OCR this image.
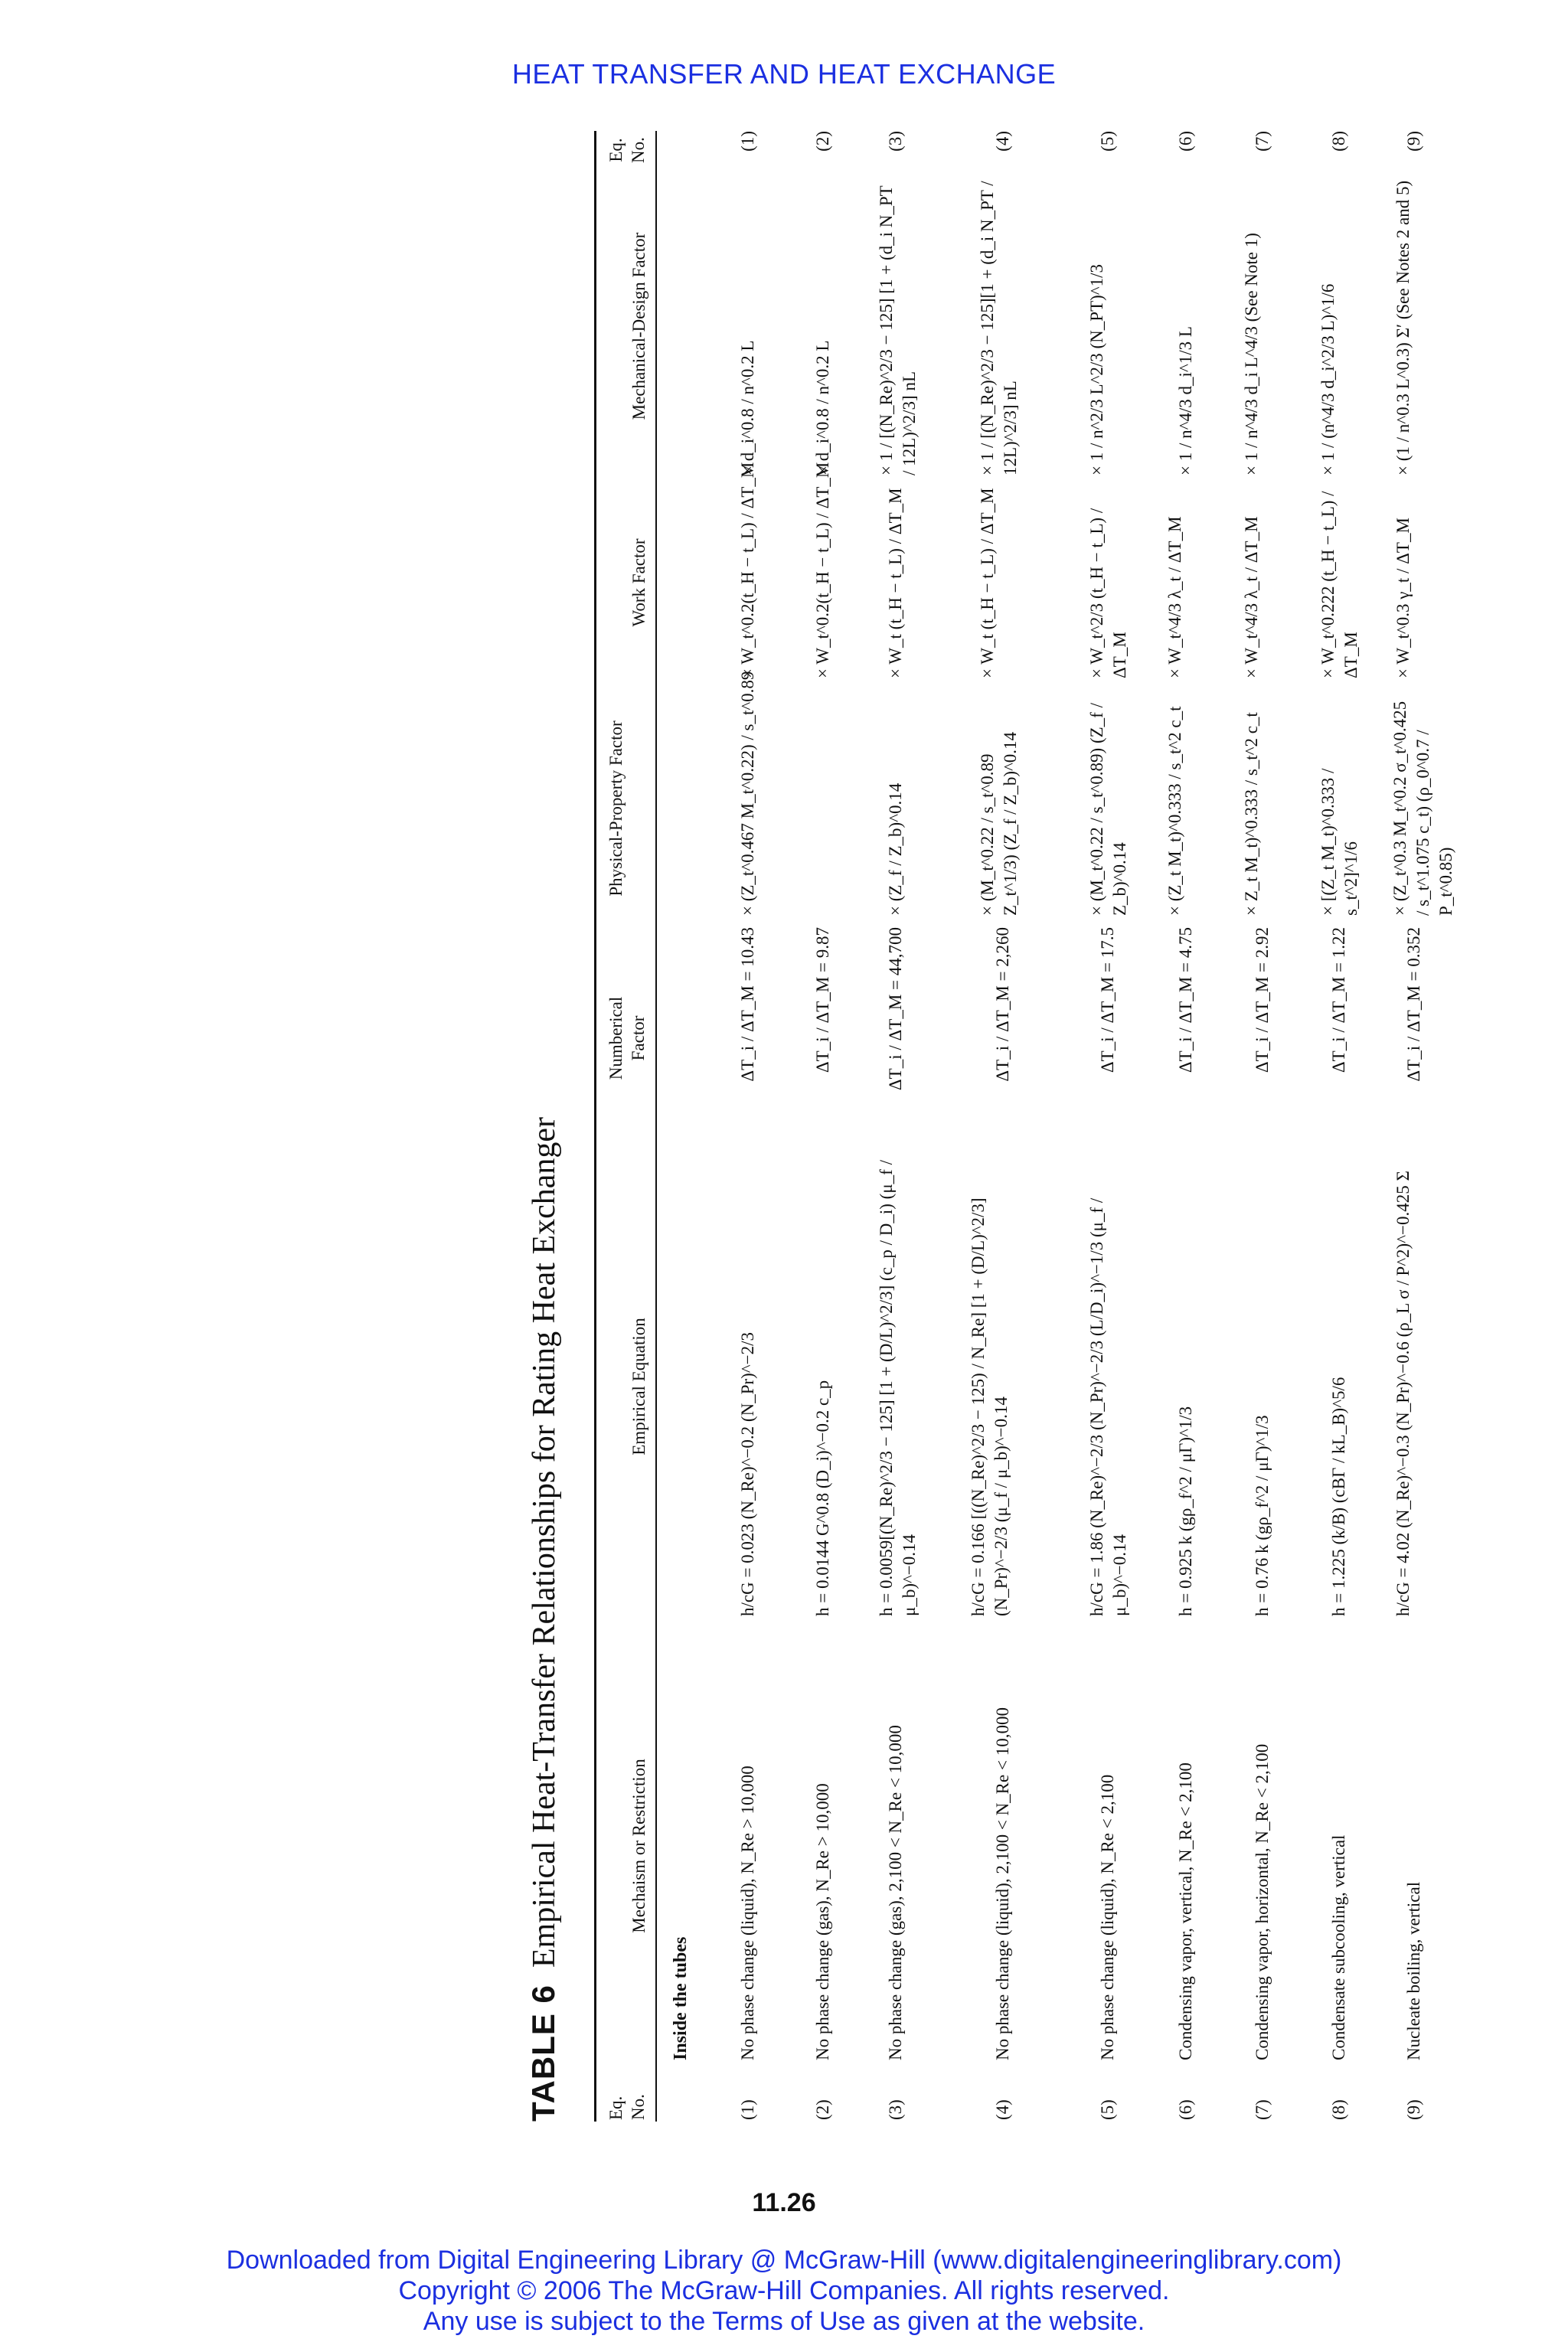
HEAT TRANSFER AND HEAT EXCHANGE
TABLE 6Empirical Heat-Transfer Relationships for Rating Heat Exchanger
Eq. No.
Mechaism or Restriction
Empirical Equation
Numberical Factor
Physical-Property Factor
Work Factor
Mechanical-Design Factor
Eq. No.
Inside the tubes
(1)
No phase change (liquid), N_Re > 10,000
h/cG = 0.023 (N_Re)^−0.2 (N_Pr)^−2/3
ΔT_i / ΔT_M = 10.43
× (Z_t^0.467 M_t^0.22) / s_t^0.89
× W_t^0.2(t_H − t_L) / ΔT_M
× d_i^0.8 / n^0.2 L
(1)
(2)
No phase change (gas), N_Re > 10,000
h = 0.0144 G^0.8 (D_i)^−0.2 c_p
ΔT_i / ΔT_M = 9.87
× W_t^0.2(t_H − t_L) / ΔT_M
× d_i^0.8 / n^0.2 L
(2)
(3)
No phase change (gas), 2,100 < N_Re < 10,000
h = 0.0059[(N_Re)^2/3 − 125] [1 + (D/L)^2/3] (c_p / D_i) (μ_f / μ_b)^−0.14
ΔT_i / ΔT_M = 44,700
× (Z_f / Z_b)^0.14
× W_t (t_H − t_L) / ΔT_M
× 1 / [(N_Re)^2/3 − 125] [1 + (d_i N_PT / 12L)^2/3] nL
(3)
(4)
No phase change (liquid), 2,100 < N_Re < 10,000
h/cG = 0.166 [((N_Re)^2/3 − 125) / N_Re] [1 + (D/L)^2/3] (N_Pr)^−2/3 (μ_f / μ_b)^−0.14
ΔT_i / ΔT_M = 2,260
× (M_t^0.22 / s_t^0.89 Z_t^1/3) (Z_f / Z_b)^0.14
× W_t (t_H − t_L) / ΔT_M
× 1 / [(N_Re)^2/3 − 125][1 + (d_i N_PT / 12L)^2/3] nL
(4)
(5)
No phase change (liquid), N_Re < 2,100
h/cG = 1.86 (N_Re)^−2/3 (N_Pr)^−2/3 (L/D_i)^−1/3 (μ_f / μ_b)^−0.14
ΔT_i / ΔT_M = 17.5
× (M_t^0.22 / s_t^0.89) (Z_f / Z_b)^0.14
× W_t^2/3 (t_H − t_L) / ΔT_M
× 1 / n^2/3 L^2/3 (N_PT)^1/3
(5)
(6)
Condensing vapor, vertical, N_Re < 2,100
h = 0.925 k (gρ_f^2 / μΓ)^1/3
ΔT_i / ΔT_M = 4.75
× (Z_t M_t)^0.333 / s_t^2 c_t
× W_t^4/3 λ_t / ΔT_M
× 1 / n^4/3 d_i^1/3 L
(6)
(7)
Condensing vapor, horizontal, N_Re < 2,100
h = 0.76 k (gρ_f^2 / μΓ)^1/3
ΔT_i / ΔT_M = 2.92
× Z_t M_t)^0.333 / s_t^2 c_t
× W_t^4/3 λ_t / ΔT_M
× 1 / n^4/3 d_i L^4/3 (See Note 1)
(7)
(8)
Condensate subcooling, vertical
h = 1.225 (k/B) (cBΓ / kL_B)^5/6
ΔT_i / ΔT_M = 1.22
× [(Z_t M_t)^0.333 / s_t^2]^1/6
× W_t^0.222 (t_H − t_L) / ΔT_M
× 1 / (n^4/3 d_i^2/3 L)^1/6
(8)
(9)
Nucleate boiling, vertical
h/cG = 4.02 (N_Re)^−0.3 (N_Pr)^−0.6 (ρ_L σ / P^2)^−0.425 Σ
ΔT_i / ΔT_M = 0.352
× (Z_t^0.3 M_t^0.2 σ_t^0.425 / s_t^1.075 c_t) (ρ_0^0.7 / P_t^0.85)
× W_t^0.3 γ_t / ΔT_M
× (1 / n^0.3 L^0.3) Σ′ (See Notes 2 and 5)
(9)
11.26
Downloaded from Digital Engineering Library @ McGraw-Hill (www.digitalengineeringlibrary.com)
Copyright © 2006 The McGraw-Hill Companies. All rights reserved.
Any use is subject to the Terms of Use as given at the website.
